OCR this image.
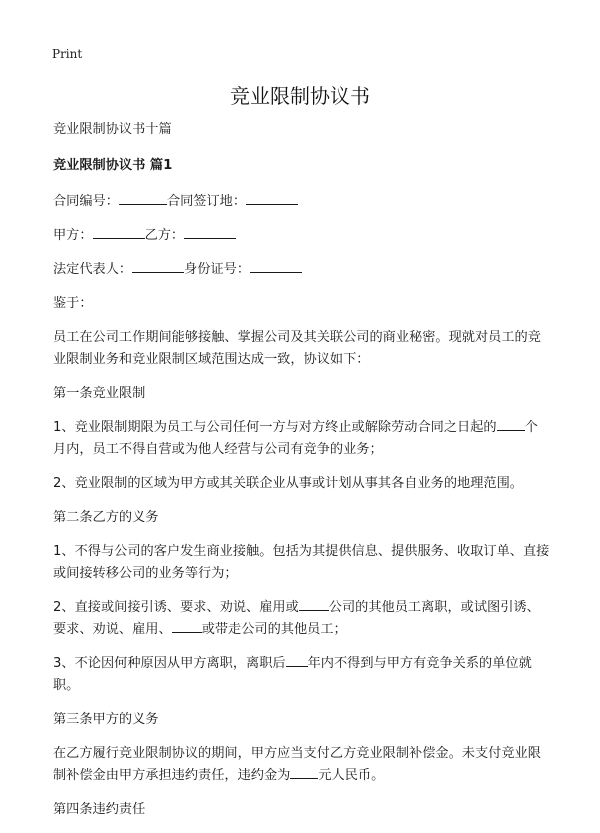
Print
竞业限制协议书

竞业限制协议书十篇

竞业限制协议书 篇1

合同编号：	合同签订地：

甲方：	乙方：

法定代表人：	身份证号：

鉴于：

员工在公司工作期间能够接触、掌握公司及其关联公司的商业秘密。现就对员工的竞业限制业务和竞业限制区域范围达成一致，协议如下：

第一条竞业限制

1、竞业限制期限为员工与公司任何一方与对方终止或解除劳动合同之日起的 个月内，员工不得自营或为他人经营与公司有竞争的业务；

2、竞业限制的区域为甲方或其关联企业从事或计划从事其各自业务的地理范围。

第二条乙方的义务

1、不得与公司的客户发生商业接触。包括为其提供信息、提供服务、收取订单、直接或间接转移公司的业务等行为；

2、直接或间接引诱、要求、劝说、雇用或 公司的其他员工离职，或试图引诱、要求、劝说、雇用、 或带走公司的其他员工；

3、不论因何种原因从甲方离职，离职后 年内不得到与甲方有竞争关系的单位就职。

第三条甲方的义务

在乙方履行竞业限制协议的期间，甲方应当支付乙方竞业限制补偿金。未支付竞业限制补偿金由甲方承担违约责任，违约金为 元人民币。

第四条违约责任
